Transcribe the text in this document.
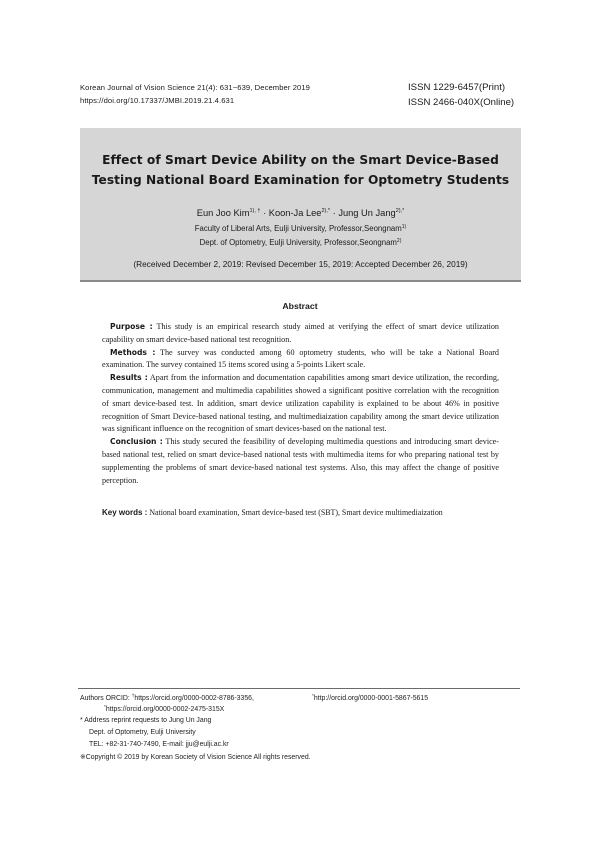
Korean Journal of Vision Science 21(4): 631~639, December 2019
https://doi.org/10.17337/JMBI.2019.21.4.631
ISSN 1229-6457(Print)
ISSN 2466-040X(Online)
Effect of Smart Device Ability on the Smart Device-Based
Testing National Board Examination for Optometry Students
Eun Joo Kim$^{1), \dagger}$ · Koon-Ja Lee$^{2),*}$ · Jung Un Jang$^{2),*}$
Faculty of Liberal Arts, Eulji University, Professor,Seongnam$^{1)}$
Dept. of Optometry, Eulji University, Professor,Seongnam$^{2)}$
(Received December 2, 2019: Revised December 15, 2019: Accepted December 26, 2019)
Abstract

Purpose : This study is an empirical research study aimed at verifying the effect of smart device utilization capability on smart device-based national test recognition.

Methods : The survey was conducted among 60 optometry students, who will be take a National Board examination. The survey contained 15 items scored using a 5-points Likert scale.

Results : Apart from the information and documentation capabilities among smart device utilization, the recording, communication, management and multimedia capabilities showed a significant positive correlation with the recognition of smart device-based test. In addition, smart device utilization capability is explained to be about 46% in positive recognition of Smart Device-based national testing, and multimediaization capability among the smart device utilization was significant influence on the recognition of smart devices-based on the national test.

Conclusion : This study secured the feasibility of developing multimedia questions and introducing smart device-based national test, relied on smart device-based national tests with multimedia items for who preparing national test by supplementing the problems of smart device-based national test systems. Also, this may affect the change of positive perception.

Key words : National board examination, Smart device-based test (SBT), Smart device multimediaization
Authors ORCID: †https://orcid.org/0000-0002-8786-3356,	*http://orcid.org/0000-0001-5867-5615
*https://orcid.org/0000-0002-2475-315X
* Address reprint requests to Jung Un Jang
Dept. of Optometry, Eulji University
TEL: +82-31-740-7490, E-mail: jju@eulji.ac.kr
※Copyright © 2019 by Korean Society of Vision Science All rights reserved.
